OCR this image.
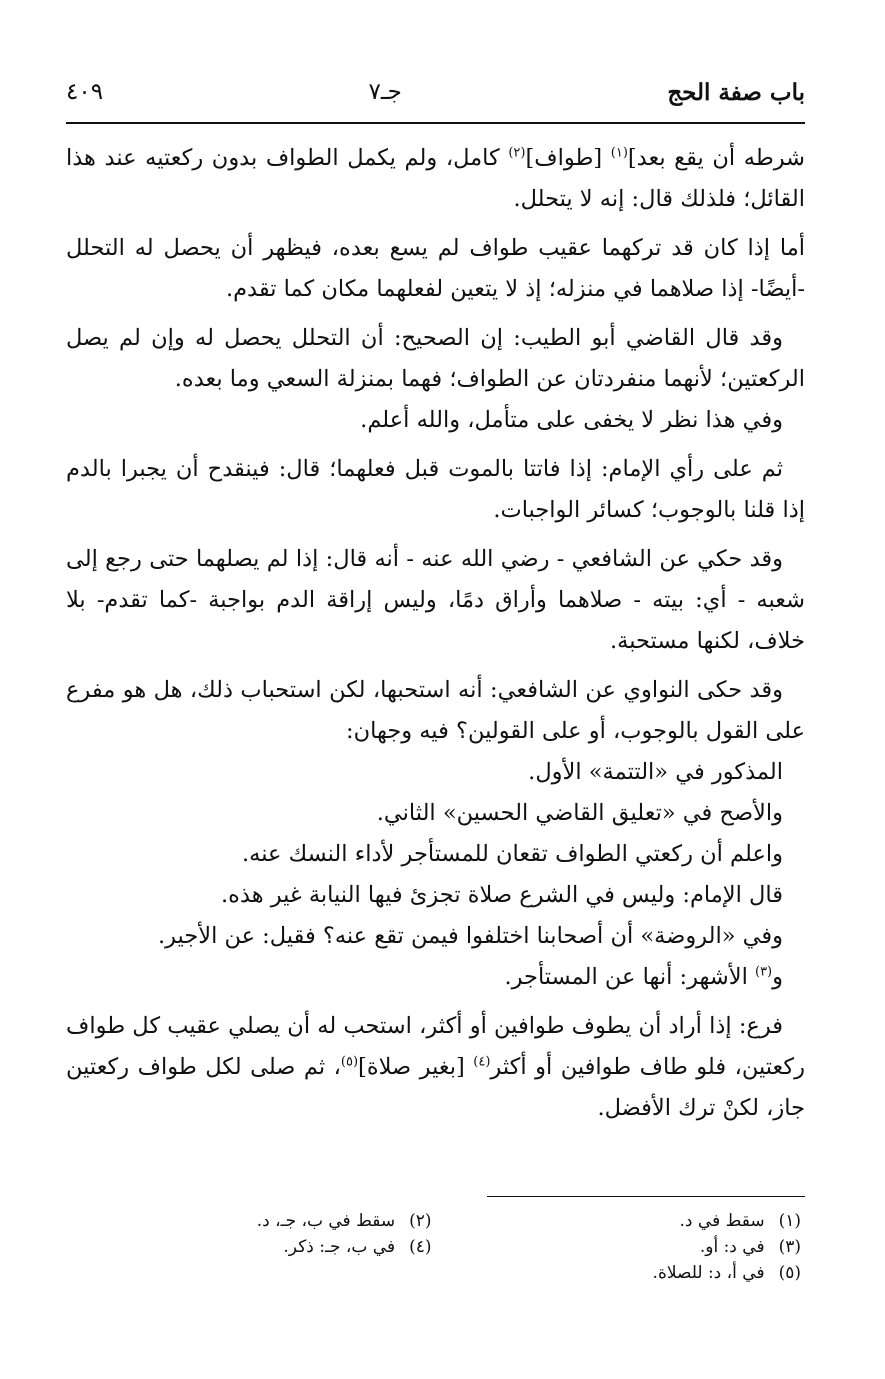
باب صفة الحج
جـ٧
٤٠٩

شرطه أن يقع بعد]$^{(١)}$ [طواف]$^{(٢)}$ كامل، ولم يكمل الطواف بدون ركعتيه عند هذا القائل؛ فلذلك قال: إنه لا يتحلل.

أما إذا كان قد تركهما عقيب طواف لم يسع بعده، فيظهر أن يحصل له التحلل -أيضًا- إذا صلاهما في منزله؛ إذ لا يتعين لفعلهما مكان كما تقدم.

وقد قال القاضي أبو الطيب: إن الصحيح: أن التحلل يحصل له وإن لم يصل الركعتين؛ لأنهما منفردتان عن الطواف؛ فهما بمنزلة السعي وما بعده.

وفي هذا نظر لا يخفى على متأمل، والله أعلم.

ثم على رأي الإمام: إذا فاتتا بالموت قبل فعلهما؛ قال: فينقدح أن يجبرا بالدم إذا قلنا بالوجوب؛ كسائر الواجبات.

وقد حكي عن الشافعي - رضي الله عنه - أنه قال: إذا لم يصلهما حتى رجع إلى شعبه - أي: بيته - صلاهما وأراق دمًا، وليس إراقة الدم بواجبة -كما تقدم- بلا خلاف، لكنها مستحبة.

وقد حكى النواوي عن الشافعي: أنه استحبها، لكن استحباب ذلك، هل هو مفرع على القول بالوجوب، أو على القولين؟ فيه وجهان:

المذكور في «التتمة» الأول.

والأصح في «تعليق القاضي الحسين» الثاني.

واعلم أن ركعتي الطواف تقعان للمستأجر لأداء النسك عنه.

قال الإمام: وليس في الشرع صلاة تجزئ فيها النيابة غير هذه.

وفي «الروضة» أن أصحابنا اختلفوا فيمن تقع عنه؟ فقيل: عن الأجير.

و$^{(٣)}$ الأشهر: أنها عن المستأجر.

فرع: إذا أراد أن يطوف طوافين أو أكثر، استحب له أن يصلي عقيب كل طواف ركعتين، فلو طاف طوافين أو أكثر$^{(٤)}$ [بغير صلاة]$^{(٥)}$، ثم صلى لكل طواف ركعتين جاز، لكنْ ترك الأفضل.

(١)سقط في د.
(٢)سقط في ب، جـ، د.
(٣)في د: أو.
(٤)في ب، جـ: ذكر.
(٥)في أ، د: للصلاة.
